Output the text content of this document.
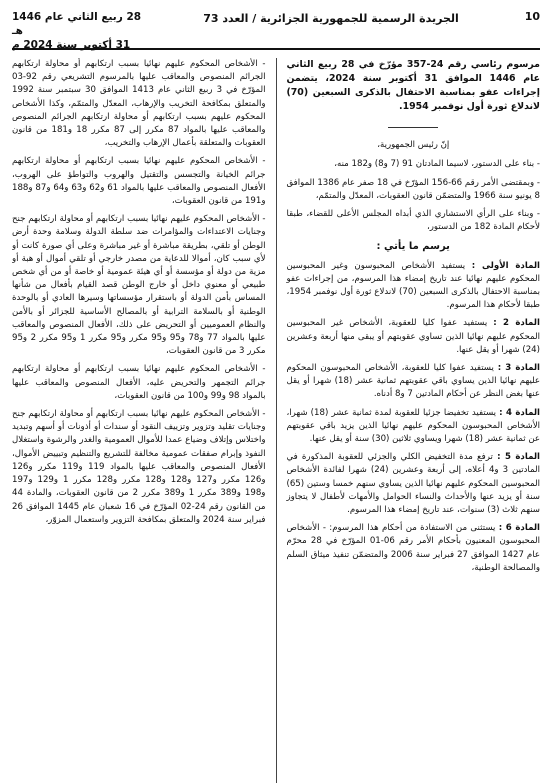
10
الجريدة الرسمية للجمهورية الجزائرية / العدد 73
28 ربيع الثاني عام 1446 هـ
31 أكتوبر سنة 2024 م
مرسوم رئاسي رقم 24-357 مؤرّخ في 28 ربيع الثاني عام 1446 الموافق 31 أكتوبر سنة 2024، يتضمن إجراءات عفو بمناسبة الاحتفال بالذكرى السبعين (70) لاندلاع ثورة أول نوفمبر 1954.
إنّ رئيس الجمهورية،

- بناء على الدستور، لاسيما المادتان 91 (7 و8) و182 منه،

- وبمقتضى الأمر رقم 66-156 المؤرّخ في 18 صفر عام 1386 الموافق 8 يونيو سنة 1966 والمتضمّن قانون العقوبات، المعدّل والمتمّم،

- وبناء على الرأي الاستشاري الذي أبداه المجلس الأعلى للقضاء، طبقا لأحكام المادة 182 من الدستور،

يرسم ما يأتي :

المادة الأولى : يستفيد الأشخاص المحبوسون وغير المحبوسين المحكوم عليهم نهائيا عند تاريخ إمضاء هذا المرسوم، من إجراءات عفو بمناسبة الاحتفال بالذكرى السبعين (70) لاندلاع ثورة أول نوفمبر 1954، طبقا لأحكام هذا المرسوم.

المادة 2 : يستفيد عفوا كليا للعقوبة، الأشخاص غير المحبوسين المحكوم عليهم نهائيا الذين تساوي عقوبتهم أو يبقى منها أربعة وعشرين (24) شهرا أو يقل عنها.

المادة 3 : يستفيد عفوا كليا للعقوبة، الأشخاص المحبوسون المحكوم عليهم نهائيا الذين يساوي باقي عقوبتهم ثمانية عشر (18) شهرا أو يقل عنها بغض النظر عن أحكام المادتين 7 و8 أدناه.

المادة 4 : يستفيد تخفيضا جزئيا للعقوبة لمدة ثمانية عشر (18) شهرا، الأشخاص المحبوسون المحكوم عليهم نهائيا الذين يزيد باقي عقوبتهم عن ثمانية عشر (18) شهرا ويساوي ثلاثين (30) سنة أو يقل عنها.

المادة 5 : ترفع مدة التخفيض الكلي والجزئي للعقوبة المذكورة في المادتين 3 و4 أعلاه، إلى أربعة وعشرين (24) شهرا لفائدة الأشخاص المحبوسين المحكوم عليهم نهائيا الذين يساوي سنهم خمسا وستين (65) سنة أو يزيد عنها والأحداث والنساء الحوامل والأمهات لأطفال لا يتجاوز سنهم ثلاث (3) سنوات، عند تاريخ إمضاء هذا المرسوم.

المادة 6 : يستثنى من الاستفادة من أحكام هذا المرسوم: - الأشخاص المحبوسون المعنيون بأحكام الأمر رقم 06-01 المؤرّخ في 28 محرّم عام 1427 الموافق 27 فبراير سنة 2006 والمتضمّن تنفيذ ميثاق السلم والمصالحة الوطنية،

- الأشخاص المحكوم عليهم نهائيا بسبب ارتكابهم أو محاولة ارتكابهم الجرائم المنصوص والمعاقب عليها بالمرسوم التشريعي رقم 92-03 المؤرّخ في 3 ربيع الثاني عام 1413 الموافق 30 سبتمبر سنة 1992 والمتعلق بمكافحة التخريب والإرهاب، المعدّل والمتمّم، وكذا الأشخاص المحكوم عليهم بسبب ارتكابهم أو محاولة ارتكابهم الجرائم المنصوص والمعاقب عليها بالمواد 87 مكرر إلى 87 مكرر 18 و181 من قانون العقوبات والمتعلقة بأعمال الإرهاب والتخريب،

- الأشخاص المحكوم عليهم نهائيا بسبب ارتكابهم أو محاولة ارتكابهم جرائم الخيانة والتجسس والتقتيل والهروب والتواطؤ على الهروب، الأفعال المنصوص والمعاقب عليها بالمواد 61 و62 و63 و64 و87 و188 و191 من قانون العقوبات،

- الأشخاص المحكوم عليهم نهائيا بسبب ارتكابهم أو محاولة ارتكابهم جنح وجنايات الاعتداءات والمؤامرات ضد سلطة الدولة وسلامة وحدة أرض الوطن أو تلقي، بطريقة مباشرة أو غير مباشرة وعلى أي صورة كانت أو لأي سبب كان، أموالا للدعاية من مصدر خارجي أو تلقي أموال أو هبة أو مزية من دولة أو مؤسسة أو أي هيئة عمومية أو خاصة أو من أي شخص طبيعي أو معنوي داخل أو خارج الوطن قصد القيام بأفعال من شأنها المساس بأمن الدولة أو باستقرار مؤسساتها وسيرها العادي أو بالوحدة الوطنية أو بالسلامة الترابية أو بالمصالح الأساسية للجزائر أو بالأمن والنظام العموميين أو التحريض على ذلك، الأفعال المنصوص والمعاقب عليها بالمواد 77 و78 و95 و95 مكرر و95 مكرر 1 و95 مكرر 2 و95 مكرر 3 من قانون العقوبات،

- الأشخاص المحكوم عليهم نهائيا بسبب ارتكابهم أو محاولة ارتكابهم جرائم التجمهر والتحريض عليه، الأفعال المنصوص والمعاقب عليها بالمواد 98 و99 و100 من قانون العقوبات،

- الأشخاص المحكوم عليهم نهائيا بسبب ارتكابهم أو محاولة ارتكابهم جنح وجنايات تقليد وتزوير وتزييف النقود أو سندات أو أذونات أو أسهم وتبديد واختلاس وإتلاف وضياع عمدا للأموال العمومية والغدر والرشوة واستغلال النفوذ وإبرام صفقات عمومية مخالفة للتشريع والتنظيم وتبييض الأموال، الأفعال المنصوص والمعاقب عليها بالمواد 119 و119 مكرر و126 و126 مكرر و127 و128 و128 مكرر و128 مكرر 1 و129 و197 و198 و389 مكرر 1 و389 مكرر 2 من قانون العقوبات، والمادة 44 من القانون رقم 24-02 المؤرّخ في 16 شعبان عام 1445 الموافق 26 فبراير سنة 2024 والمتعلق بمكافحة التزوير واستعمال المزوّر،
